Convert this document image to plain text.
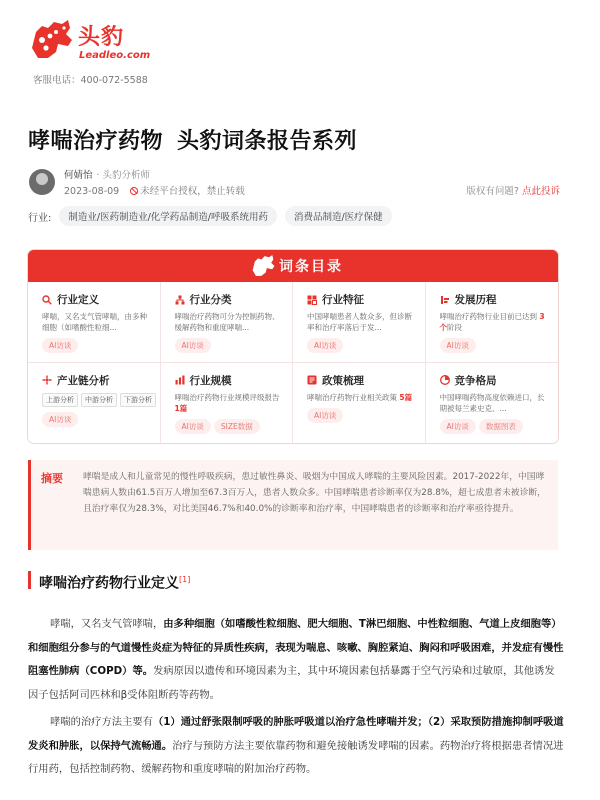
头豹
Leadleo.com
客服电话：400-072-5588
哮喘治疗药物 头豹词条报告系列
何婧怡 · 头豹分析师
2023-08-09 未经平台授权，禁止转载	版权有问题? 点此投诉
行业:	制造业/医药制造业/化学药品制造/呼吸系统用药	消费品制造/医疗保健
词条目录
行业定义
哮喘，又名支气管哮喘，由多种细胞（如嗜酸性粒细...
AI访谈
行业分类
哮喘治疗药物可分为控制药物、缓解药物和重度哮喘...
AI访谈
行业特征
中国哮喘患者人数众多，但诊断率和治疗率落后于发...
AI访谈
发展历程
哮喘治疗药物行业目前已达到 3个阶段
AI访谈
产业链分析
上游分析	中游分析	下游分析
AI访谈
行业规模
哮喘治疗药物行业规模评级报告 1篇
AI访谈 SIZE数据
政策梳理
哮喘治疗药物行业相关政策 5篇
AI访谈
竞争格局
中国哮喘药物高度依赖进口，长期被每兰素史克、...
AI访谈 数据图表
摘要 哮喘是成人和儿童常见的慢性呼吸疾病，患过敏性鼻炎、吸烟为中国成人哮喘的主要风险因素。2017-2022年，中国哮喘患病人数由61.5百万人增加至67.3百万人，患者人数众多。中国哮喘患者诊断率仅为28.8%，超七成患者未被诊断，且治疗率仅为28.3%，对比美国46.7%和40.0%的诊断率和治疗率，中国哮喘患者的诊断率和治疗率亟待提升。
哮喘治疗药物行业定义[1]
哮喘，又名支气管哮喘，由多种细胞（如嗜酸性粒细胞、肥大细胞、T淋巴细胞、中性粒细胞、气道上皮细胞等）和细胞组分参与的气道慢性炎症为特征的异质性疾病，表现为喘息、咳嗽、胸腔紧迫、胸闷和呼吸困难，并发症有慢性阻塞性肺病（COPD）等。发病原因以遗传和环境因素为主，其中环境因素包括暴露于空气污染和过敏原，其他诱发因子包括阿司匹林和β受体阻断药等药物。
哮喘的治疗方法主要有（1）通过舒张限制呼吸的肿胀呼吸道以治疗急性哮喘并发；（2）采取预防措施抑制呼吸道发炎和肿胀，以保持气流畅通。治疗与预防方法主要依靠药物和避免接触诱发哮喘的因素。药物治疗将根据患者情况进行用药，包括控制药物、缓解药物和重度哮喘的附加治疗药物。
